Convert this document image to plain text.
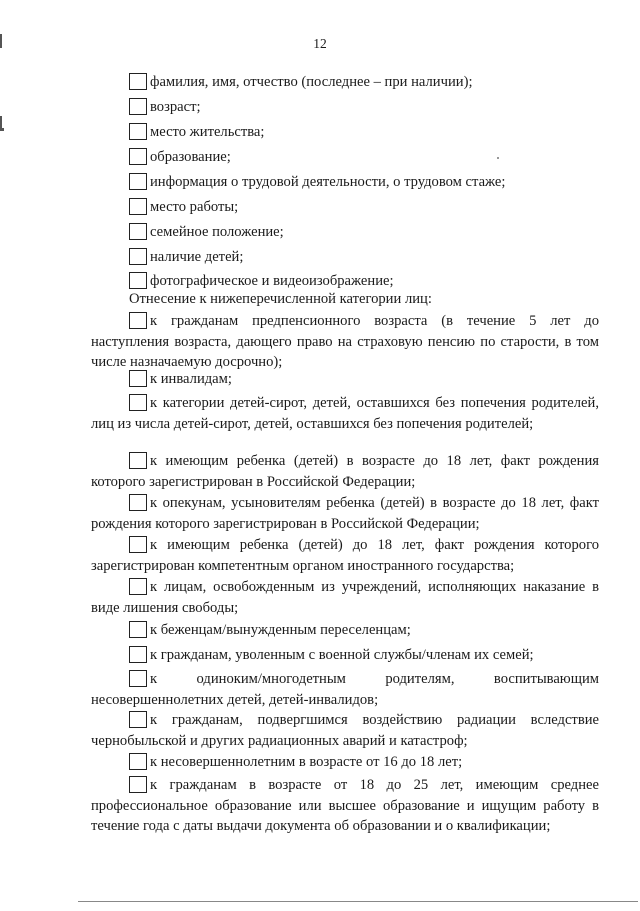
12
фамилия, имя, отчество (последнее – при наличии);
возраст;
место жительства;
образование;
информация о трудовой деятельности, о трудовом стаже;
место работы;
семейное положение;
наличие детей;
фотографическое и видеоизображение;
Отнесение к нижеперечисленной категории лиц:
к гражданам предпенсионного возраста (в течение 5 лет до наступления возраста, дающего право на страховую пенсию по старости, в том числе назначаемую досрочно);
к инвалидам;
к категории детей-сирот, детей, оставшихся без попечения родителей, лиц из числа детей-сирот, детей, оставшихся без попечения родителей;
к имеющим ребенка (детей) в возрасте до 18 лет, факт рождения которого зарегистрирован в Российской Федерации;
к опекунам, усыновителям ребенка (детей) в возрасте до 18 лет, факт рождения которого зарегистрирован в Российской Федерации;
к имеющим ребенка (детей) до 18 лет, факт рождения которого зарегистрирован компетентным органом иностранного государства;
к лицам, освобожденным из учреждений, исполняющих наказание в виде лишения свободы;
к беженцам/вынужденным переселенцам;
к гражданам, уволенным с военной службы/членам их семей;
к одиноким/многодетным родителям, воспитывающим несовершеннолетних детей, детей-инвалидов;
к гражданам, подвергшимся воздействию радиации вследствие чернобыльской и других радиационных аварий и катастроф;
к несовершеннолетним в возрасте от 16 до 18 лет;
к гражданам в возрасте от 18 до 25 лет, имеющим среднее профессиональное образование или высшее образование и ищущим работу в течение года с даты выдачи документа об образовании и о квалификации;
